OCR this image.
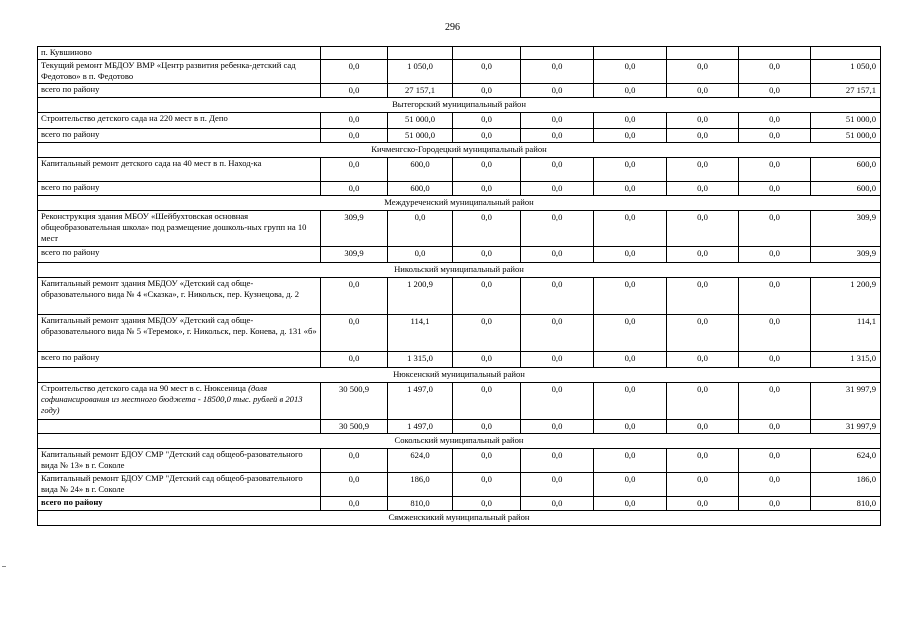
296
п. Кувшиново								
Текущий ремонт МБДОУ ВМР «Центр развития ребенка-детский сад Федотово» в п. Федотово	0,0	1 050,0	0,0	0,0	0,0	0,0	0,0	1 050,0
всего по району	0,0	27 157,1	0,0	0,0	0,0	0,0	0,0	27 157,1
Вытегорский муниципальный район								
Строительство детского сада на 220 мест в п. Депо	0,0	51 000,0	0,0	0,0	0,0	0,0	0,0	51 000,0
всего по району	0,0	51 000,0	0,0	0,0	0,0	0,0	0,0	51 000,0
Кичменгско-Городецкий муниципальный район								
Капитальный ремонт детского сада на 40 мест в п. Наход-ка	0,0	600,0	0,0	0,0	0,0	0,0	0,0	600,0
всего по району	0,0	600,0	0,0	0,0	0,0	0,0	0,0	600,0
Междуреченский муниципальный район								
Реконструкция здания МБОУ «Шейбухтовская основная общеобразовательная школа» под размещение дошколь-ных групп на 10 мест	309,9	0,0	0,0	0,0	0,0	0,0	0,0	309,9
всего по району	309,9	0,0	0,0	0,0	0,0	0,0	0,0	309,9
Никольский муниципальный район								
Капитальный ремонт здания МБДОУ «Детский сад обще-образовательного вида № 4 «Сказка», г. Никольск, пер. Кузнецова, д. 2	0,0	1 200,9	0,0	0,0	0,0	0,0	0,0	1 200,9
Капитальный ремонт здания МБДОУ «Детский сад обще-образовательного вида № 5 «Теремок», г. Никольск, пер. Конева, д. 131 «б»	0,0	114,1	0,0	0,0	0,0	0,0	0,0	114,1
всего по району	0,0	1 315,0	0,0	0,0	0,0	0,0	0,0	1 315,0
Нюксенский муниципальный район								
Строительство детского сада на 90 мест в с. Нюксеница (доля софинансирования из местного бюджета - 18500,0 тыс. рублей в 2013 году)	30 500,9	1 497,0	0,0	0,0	0,0	0,0	0,0	31 997,9
	30 500,9	1 497,0	0,0	0,0	0,0	0,0	0,0	31 997,9
Сокольский муниципальный район								
Капитальный ремонт БДОУ СМР "Детский сад общеоб-разовательного вида № 13» в г. Соколе	0,0	624,0	0,0	0,0	0,0	0,0	0,0	624,0
Капитальный ремонт БДОУ СМР "Детский сад общеоб-разовательного вида № 24» в г. Соколе	0,0	186,0	0,0	0,0	0,0	0,0	0,0	186,0
всего по району	0,0	810,0	0,0	0,0	0,0	0,0	0,0	810,0
Сямженскикий муниципальный район								
